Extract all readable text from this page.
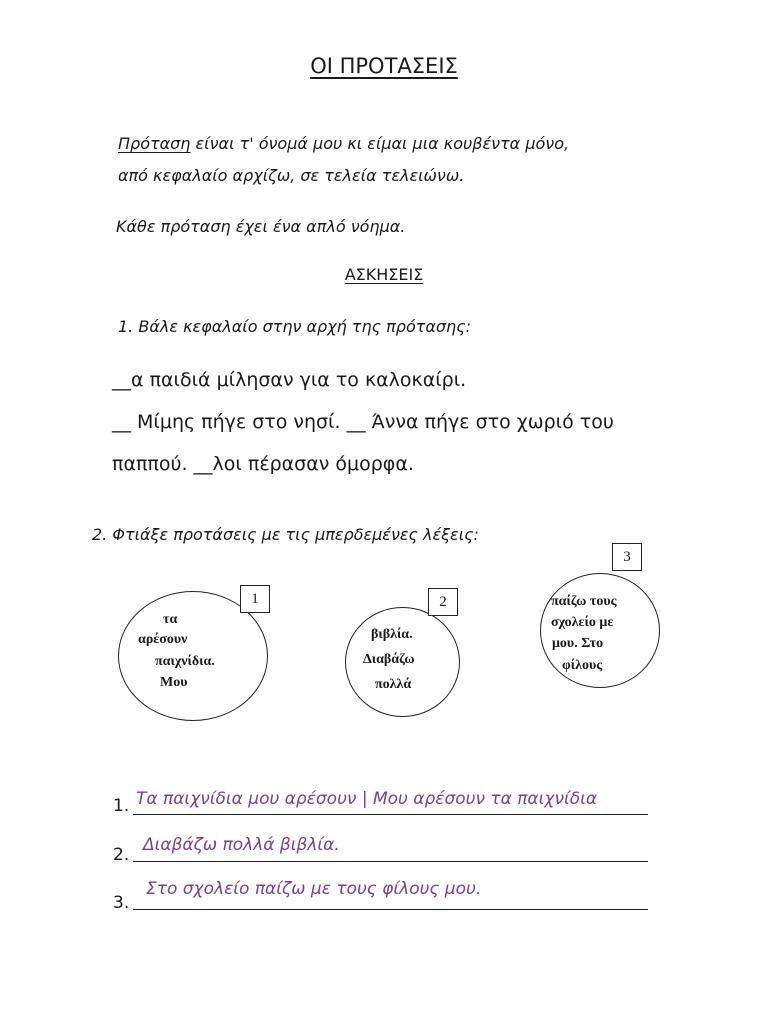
ΟΙ ΠΡΟΤΑΣΕΙΣ
Πρόταση είναι τ' όνομά μου κι είμαι μια κουβέντα μόνο,
από κεφαλαίο αρχίζω, σε τελεία τελειώνω.
Κάθε πρόταση έχει ένα απλό νόημα.
ΑΣΚΗΣΕΙΣ
1. Βάλε κεφαλαίο στην αρχή της πρότασης:
__α παιδιά μίλησαν για το καλοκαίρι.
__ Μίμης πήγε στο νησί. __ Άννα πήγε στο χωριό του
παππού. __λοι πέρασαν όμορφα.
2. Φτιάξε προτάσεις με τις μπερδεμένες λέξεις:
1
τα
αρέσουν
παιχνίδια.
Μου
2
βιβλία.
Διαβάζω
πολλά
3
παίζω τους
σχολείο με
μου. Στο
φίλους
1. Τα παιχνίδια μου αρέσουν | Μου αρέσουν τα παιχνίδια
2. Διαβάζω πολλά βιβλία.
3.
Στο σχολείο παίζω με τους φίλους μου.
